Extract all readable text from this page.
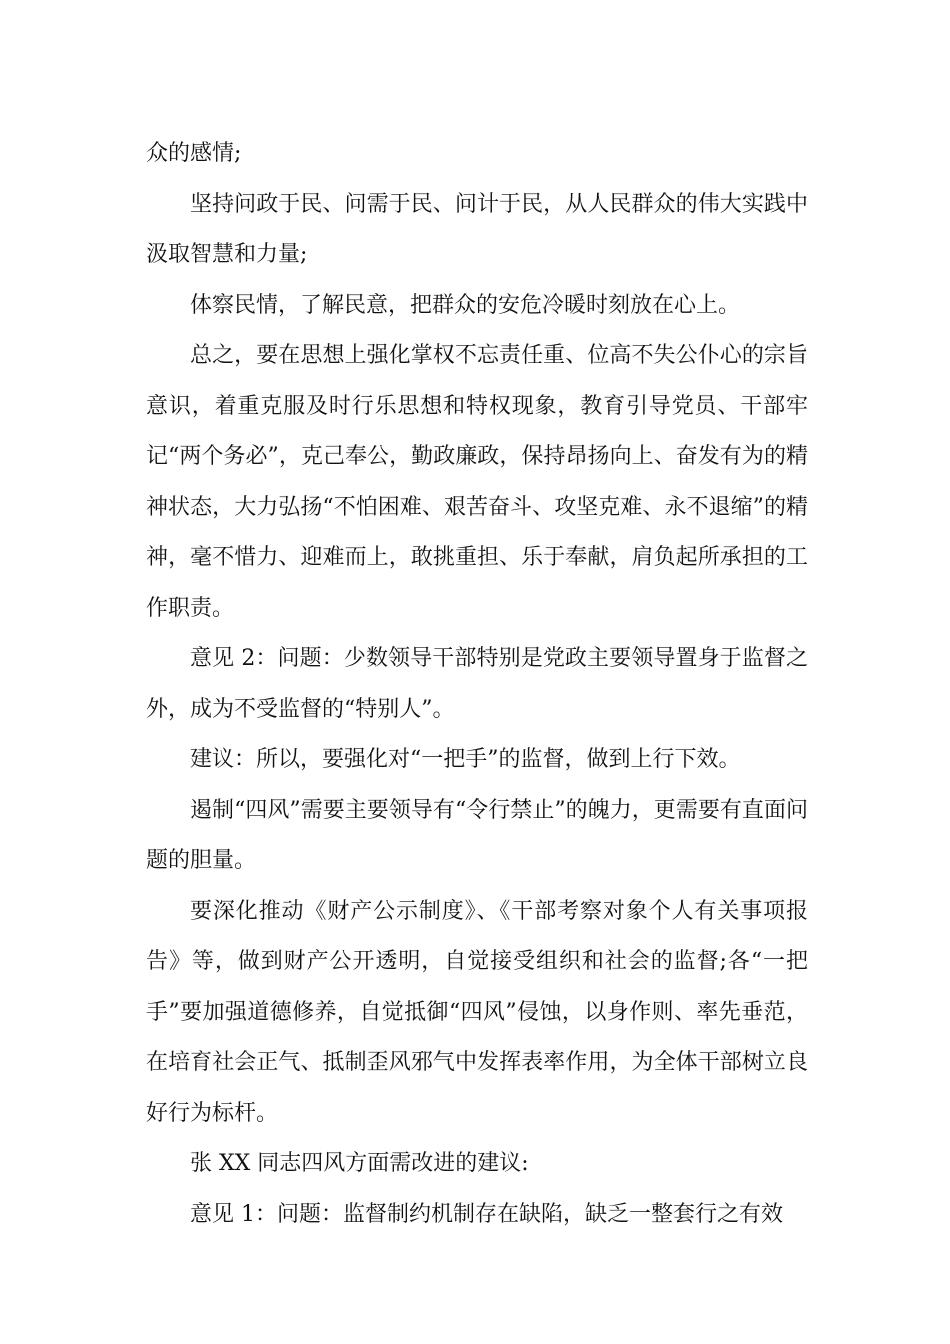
众的感情;

坚持问政于民、问需于民、问计于民，从人民群众的伟大实践中汲取智慧和力量;

体察民情，了解民意，把群众的安危冷暖时刻放在心上。

总之，要在思想上强化掌权不忘责任重、位高不失公仆心的宗旨意识，着重克服及时行乐思想和特权现象，教育引导党员、干部牢记“两个务必”，克己奉公，勤政廉政，保持昂扬向上、奋发有为的精神状态，大力弘扬“不怕困难、艰苦奋斗、攻坚克难、永不退缩”的精神，毫不惜力、迎难而上，敢挑重担、乐于奉献，肩负起所承担的工作职责。

意见 2：问题：少数领导干部特别是党政主要领导置身于监督之外，成为不受监督的“特别人”。

建议：所以，要强化对“一把手”的监督，做到上行下效。

遏制“四风”需要主要领导有“令行禁止”的魄力，更需要有直面问题的胆量。

要深化推动《财产公示制度》、《干部考察对象个人有关事项报告》等，做到财产公开透明，自觉接受组织和社会的监督;各“一把手”要加强道德修养，自觉抵御“四风”侵蚀，以身作则、率先垂范，在培育社会正气、抵制歪风邪气中发挥表率作用，为全体干部树立良好行为标杆。

张 XX 同志四风方面需改进的建议:

意见 1：问题：监督制约机制存在缺陷，缺乏一整套行之有效
